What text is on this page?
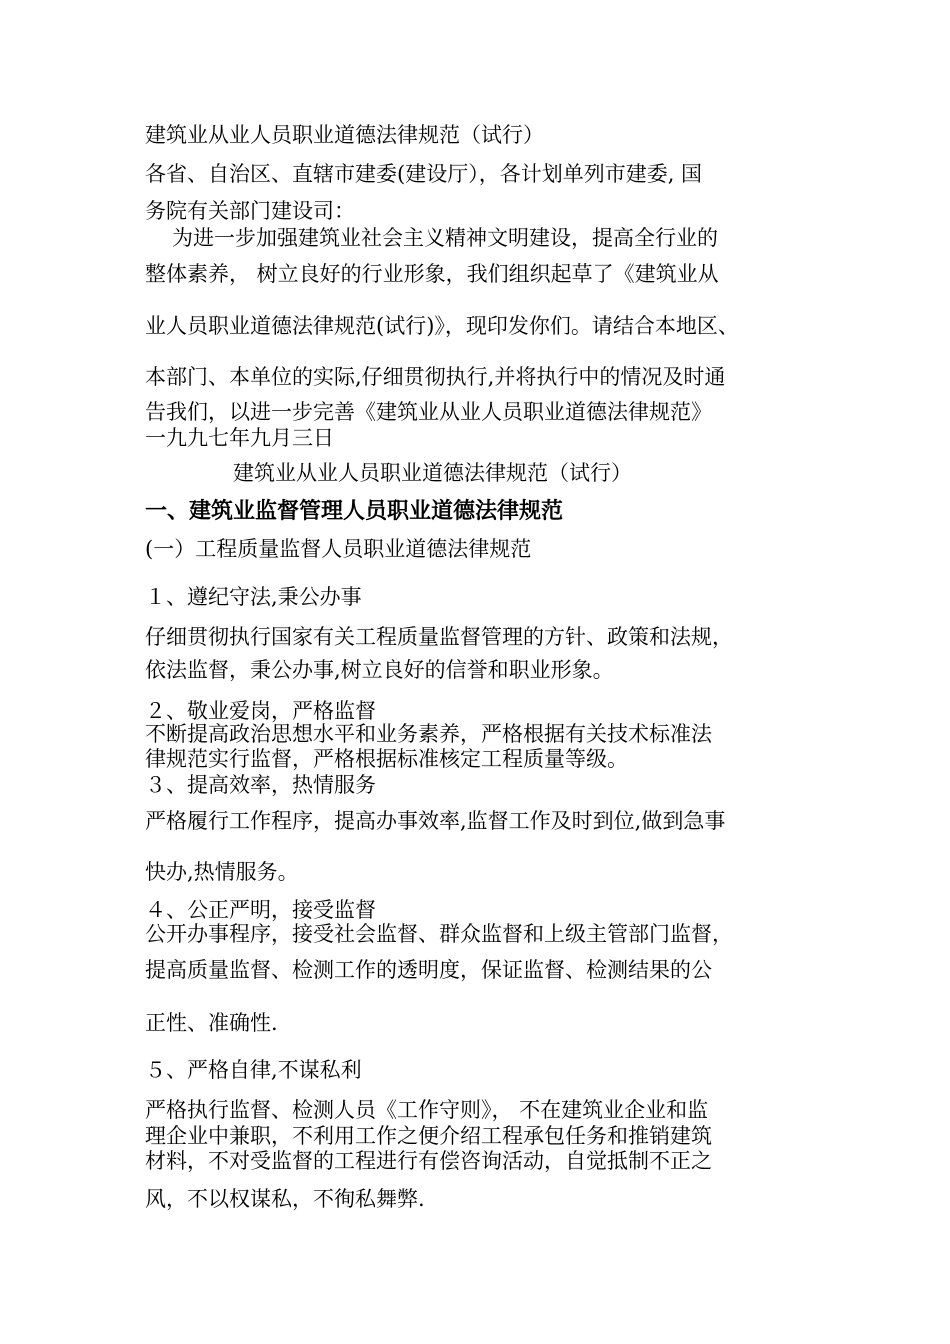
建筑业从业人员职业道德法律规范（试行）
各省、自治区、直辖市建委(建设厅），各计划单列市建委, 国
务院有关部门建设司：
为进一步加强建筑业社会主义精神文明建设，提高全行业的
整体素养， 树立良好的行业形象，我们组织起草了《建筑业从
业人员职业道德法律规范(试行)》，现印发你们。请结合本地区、
本部门、本单位的实际,仔细贯彻执行,并将执行中的情况及时通
告我们，以进一步完善《建筑业从业人员职业道德法律规范》
一九九七年九月三日
建筑业从业人员职业道德法律规范（试行）
一、建筑业监督管理人员职业道德法律规范
(一）工程质量监督人员职业道德法律规范
１、遵纪守法,秉公办事
仔细贯彻执行国家有关工程质量监督管理的方针、政策和法规，
依法监督，秉公办事,树立良好的信誉和职业形象。
２、敬业爱岗，严格监督
不断提高政治思想水平和业务素养，严格根据有关技术标准法
律规范实行监督，严格根据标准核定工程质量等级。
３、提高效率，热情服务
严格履行工作程序，提高办事效率,监督工作及时到位,做到急事
快办,热情服务。
４、公正严明，接受监督
公开办事程序，接受社会监督、群众监督和上级主管部门监督，
提高质量监督、检测工作的透明度，保证监督、检测结果的公
正性、准确性.
５、严格自律,不谋私利
严格执行监督、检测人员《工作守则》， 不在建筑业企业和监
理企业中兼职，不利用工作之便介绍工程承包任务和推销建筑
材料，不对受监督的工程进行有偿咨询活动，自觉抵制不正之
风，不以权谋私，不徇私舞弊.
